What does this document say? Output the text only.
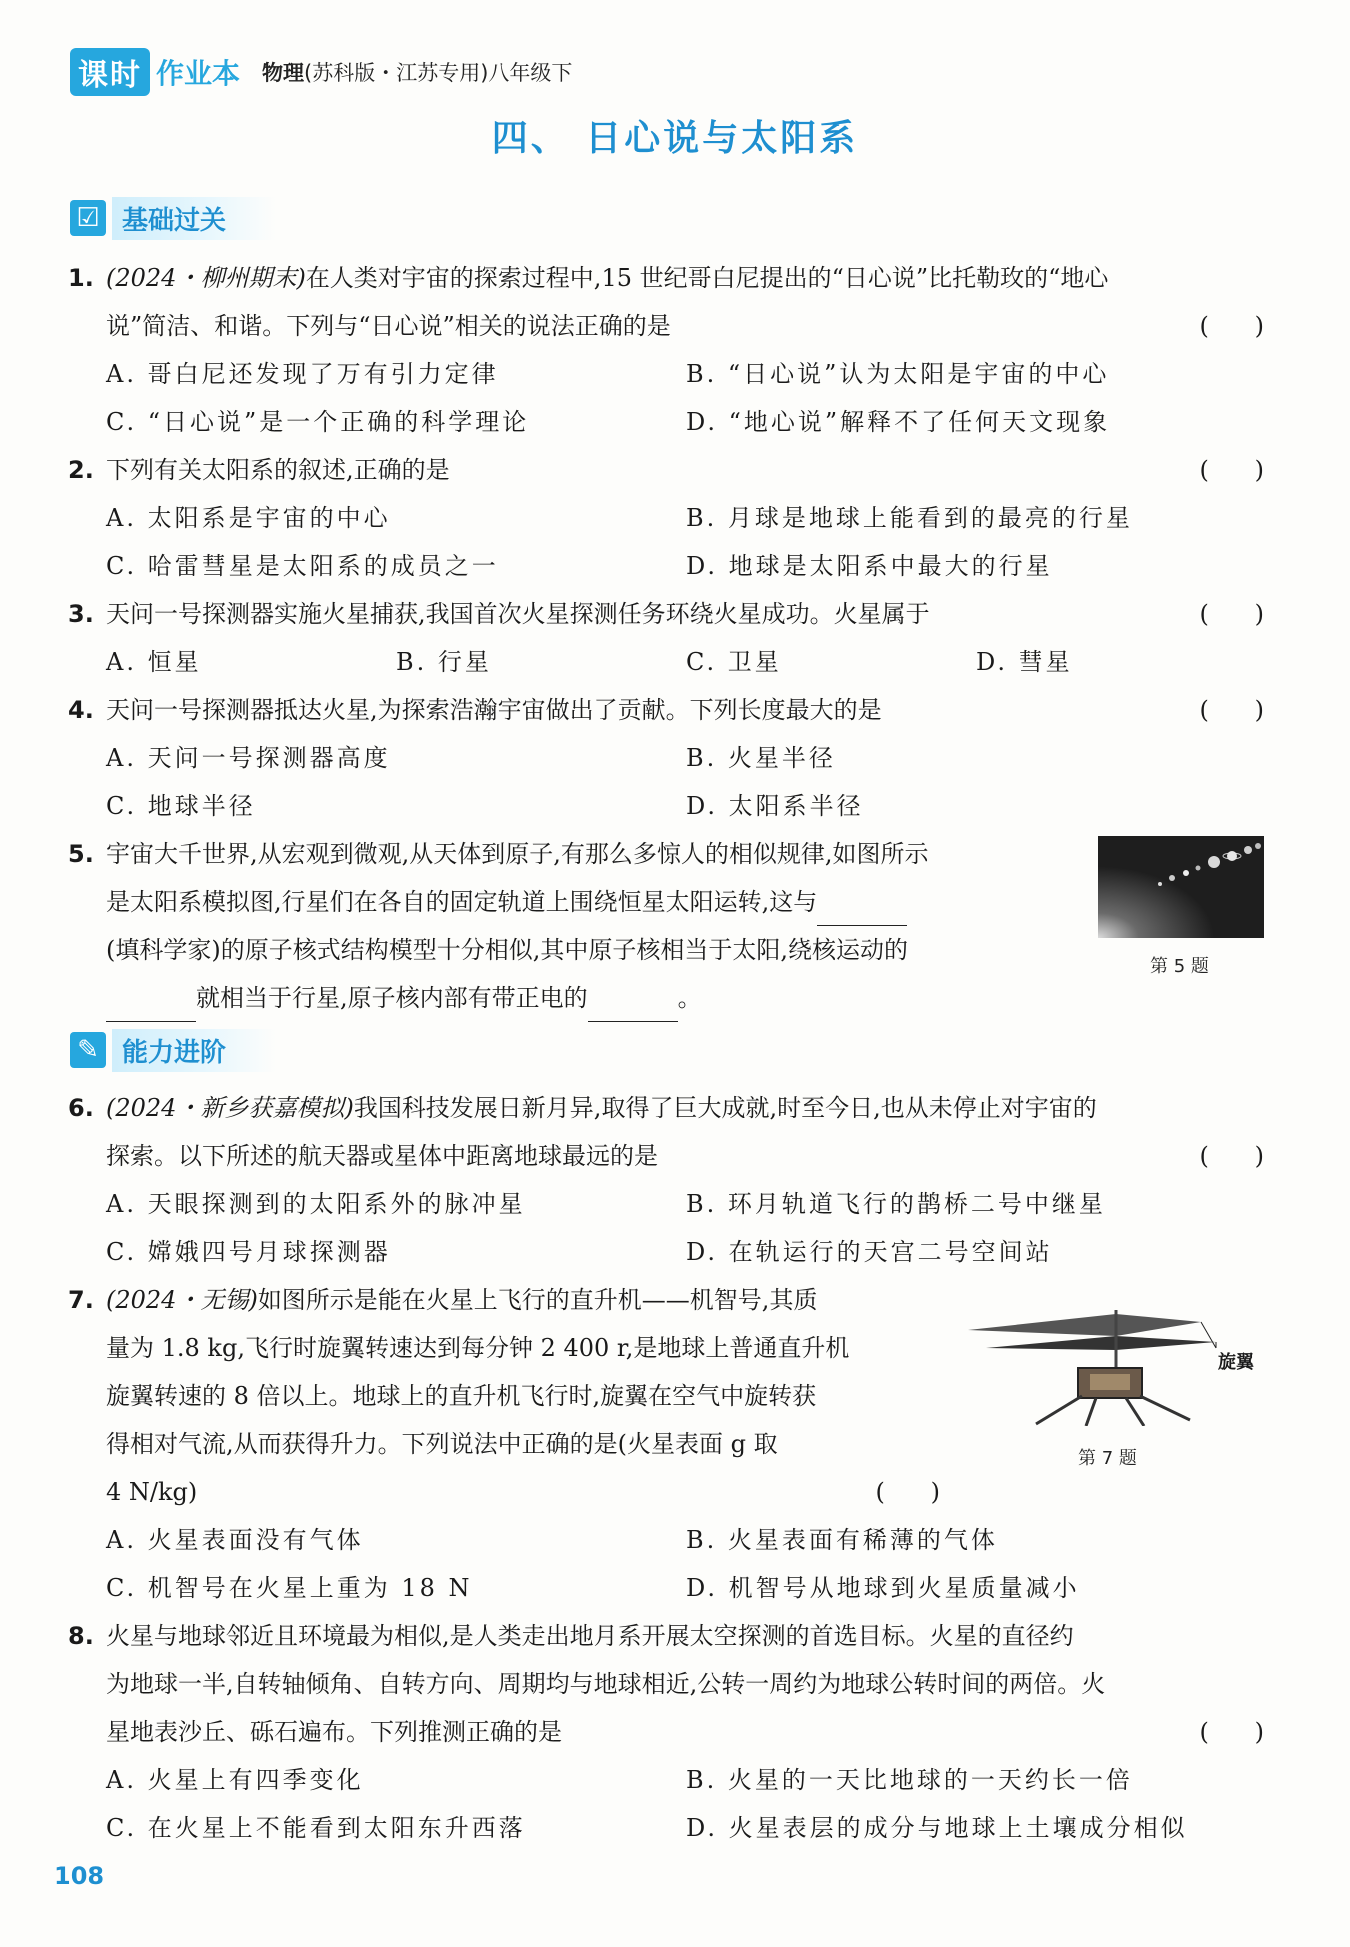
课时 作业本 物理(苏科版・江苏专用)八年级下
四、 日心说与太阳系
☑ 基础过关
1. (2024・柳州期末)在人类对宇宙的探索过程中,15 世纪哥白尼提出的“日心说”比托勒玫的“地心
说”简洁、和谐。下列与“日心说”相关的说法正确的是	(      )
A. 哥白尼还发现了万有引力定律	B. “日心说”认为太阳是宇宙的中心
C. “日心说”是一个正确的科学理论	D. “地心说”解释不了任何天文现象
2. 下列有关太阳系的叙述,正确的是	(      )
A. 太阳系是宇宙的中心	B. 月球是地球上能看到的最亮的行星
C. 哈雷彗星是太阳系的成员之一	D. 地球是太阳系中最大的行星
3. 天问一号探测器实施火星捕获,我国首次火星探测任务环绕火星成功。火星属于	(      )
A. 恒星	B. 行星	C. 卫星	D. 彗星
4. 天问一号探测器抵达火星,为探索浩瀚宇宙做出了贡献。下列长度最大的是	(      )
A. 天问一号探测器高度	B. 火星半径
C. 地球半径	D. 太阳系半径
5. 宇宙大千世界,从宏观到微观,从天体到原子,有那么多惊人的相似规律,如图所示
是太阳系模拟图,行星们在各自的固定轨道上围绕恒星太阳运转,这与
(填科学家)的原子核式结构模型十分相似,其中原子核相当于太阳,绕核运动的
就相当于行星,原子核内部有带正电的	。
第 5 题
✎ 能力进阶
6. (2024・新乡获嘉模拟)我国科技发展日新月异,取得了巨大成就,时至今日,也从未停止对宇宙的
探索。以下所述的航天器或星体中距离地球最远的是	(      )
A. 天眼探测到的太阳系外的脉冲星	B. 环月轨道飞行的鹊桥二号中继星
C. 嫦娥四号月球探测器	D. 在轨运行的天宫二号空间站
7. (2024・无锡)如图所示是能在火星上飞行的直升机——机智号,其质
量为 1.8 kg,飞行时旋翼转速达到每分钟 2 400 r,是地球上普通直升机
旋翼转速的 8 倍以上。地球上的直升机飞行时,旋翼在空气中旋转获
得相对气流,从而获得升力。下列说法中正确的是(火星表面 g 取
4 N/kg)	(      )
旋翼
第 7 题
A. 火星表面没有气体	B. 火星表面有稀薄的气体
C. 机智号在火星上重为 18 N	D. 机智号从地球到火星质量减小
8. 火星与地球邻近且环境最为相似,是人类走出地月系开展太空探测的首选目标。火星的直径约
为地球一半,自转轴倾角、自转方向、周期均与地球相近,公转一周约为地球公转时间的两倍。火
星地表沙丘、砾石遍布。下列推测正确的是	(      )
A. 火星上有四季变化	B. 火星的一天比地球的一天约长一倍
C. 在火星上不能看到太阳东升西落	D. 火星表层的成分与地球上土壤成分相似
108
